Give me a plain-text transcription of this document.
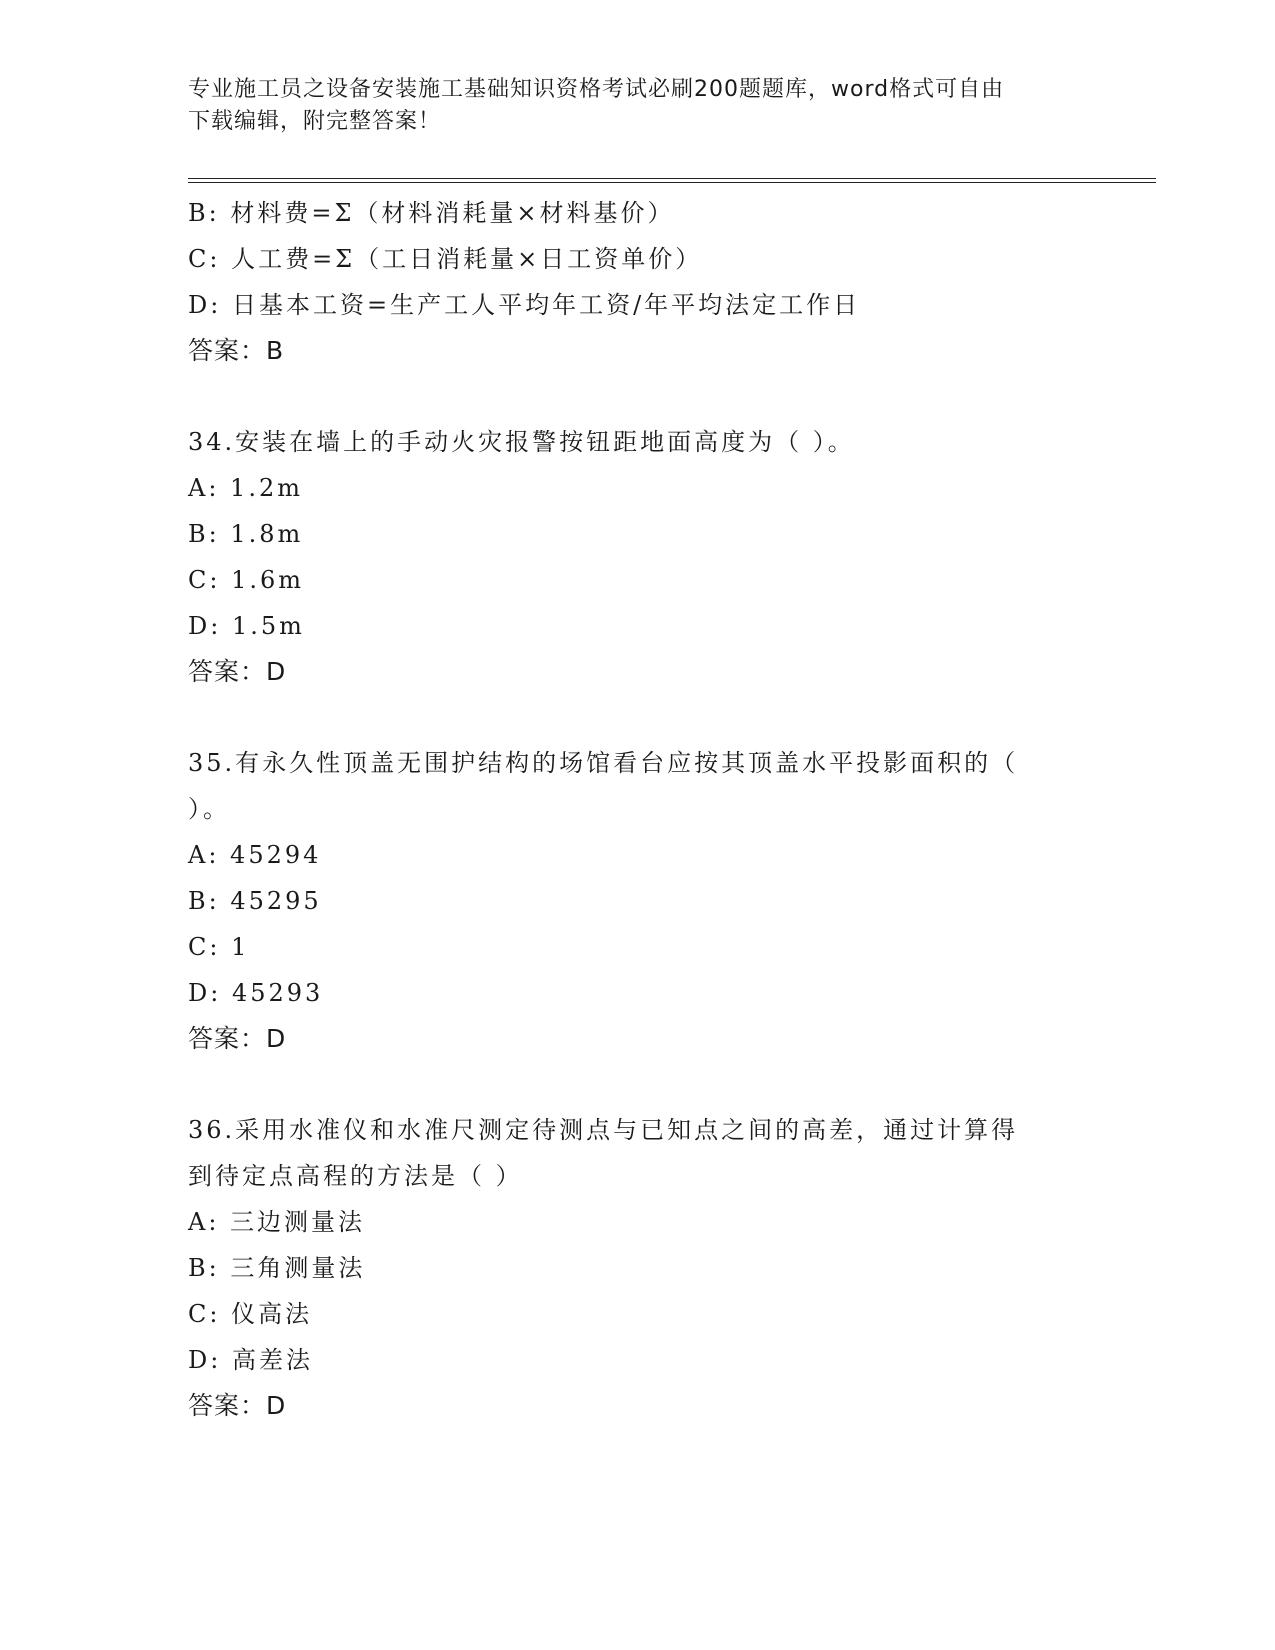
专业施工员之设备安装施工基础知识资格考试必刷200题题库，word格式可自由
下载编辑，附完整答案！
B: 材料费=Σ（材料消耗量×材料基价）
C: 人工费=Σ（工日消耗量×日工资单价）
D: 日基本工资=生产工人平均年工资/年平均法定工作日
答案：B
34.安装在墙上的手动火灾报警按钮距地面高度为（ ）。
A: 1.2m
B: 1.8m
C: 1.6m
D: 1.5m
答案：D
35.有永久性顶盖无围护结构的场馆看台应按其顶盖水平投影面积的（
）。
A: 45294
B: 45295
C: 1
D: 45293
答案：D
36.采用水准仪和水准尺测定待测点与已知点之间的高差，通过计算得
到待定点高程的方法是（ ）
A: 三边测量法
B: 三角测量法
C: 仪高法
D: 高差法
答案：D
